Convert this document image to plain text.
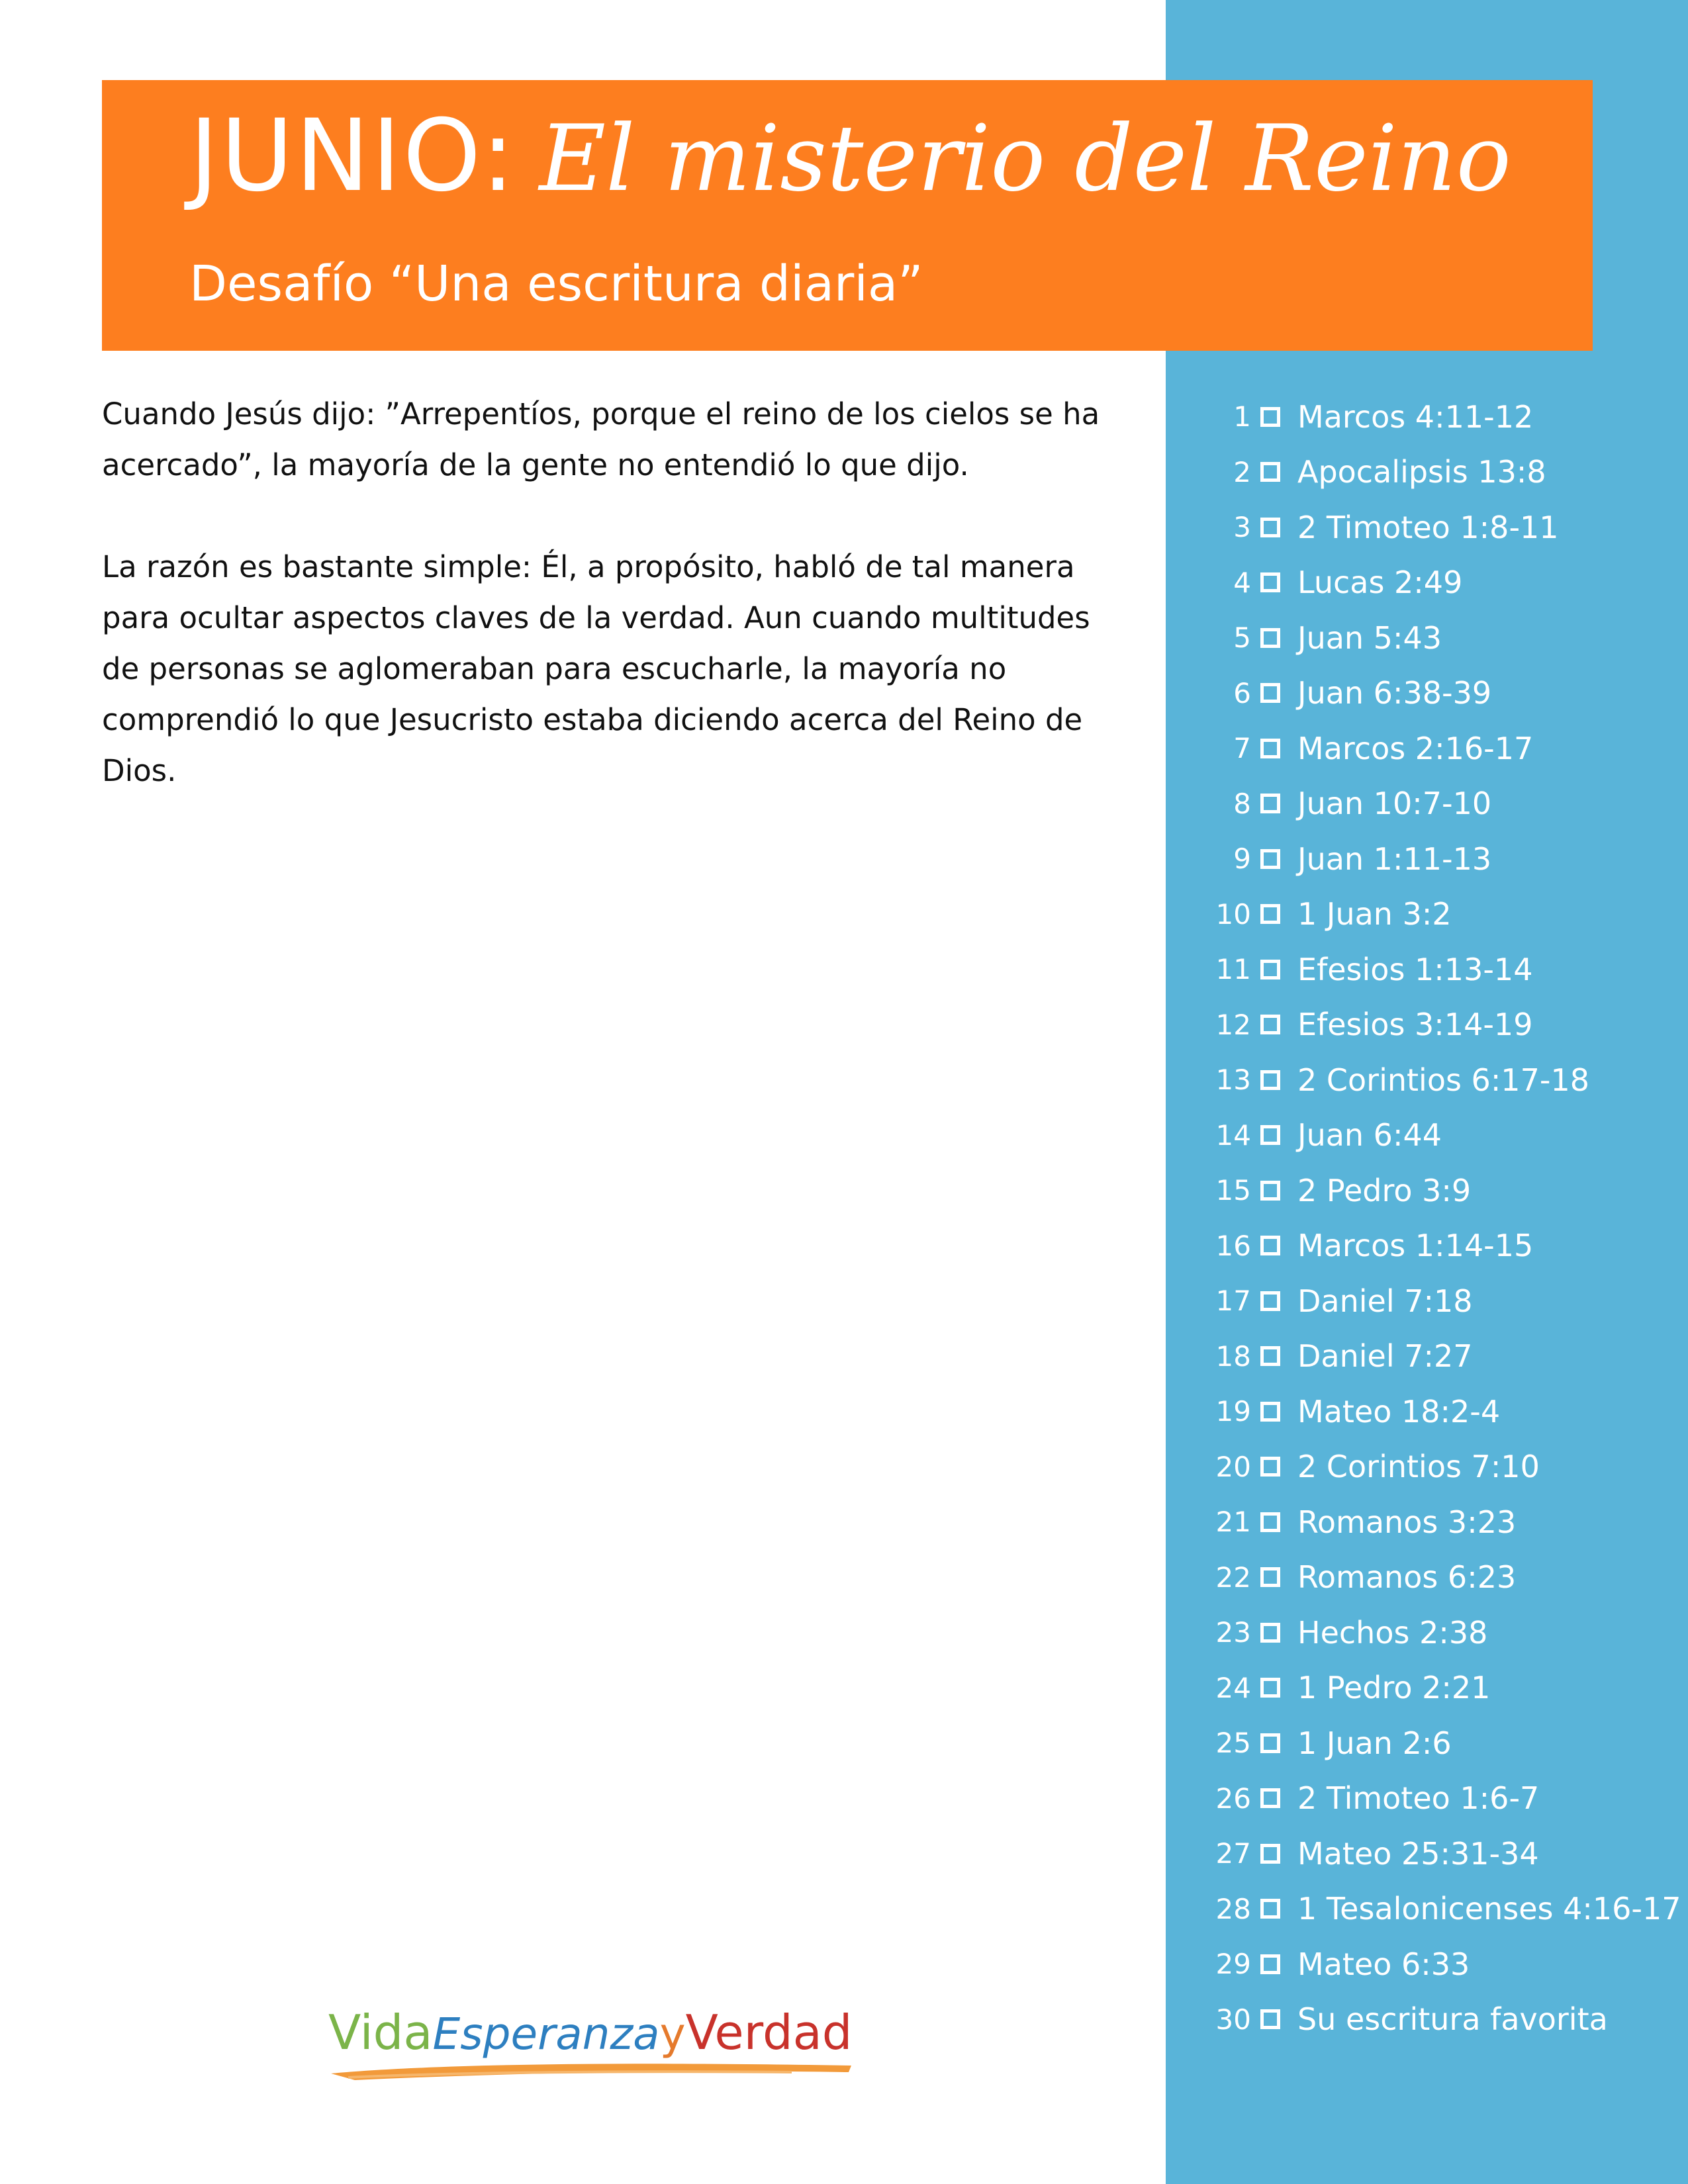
JUNIO: El misterio del Reino
Desafío “Una escritura diaria”

Cuando Jesús dijo: ”Arrepentíos, porque el reino de los cielos se ha acercado”, la mayoría de la gente no entendió lo que dijo.

La razón es bastante simple: Él, a propósito, habló de tal manera para ocultar aspectos claves de la verdad. Aun cuando multitudes de personas se aglomeraban para escucharle, la mayoría no comprendió lo que Jesucristo estaba diciendo acerca del Reino de Dios.

1 Marcos 4:11-12
2 Apocalipsis 13:8
3 2 Timoteo 1:8-11
4 Lucas 2:49
5 Juan 5:43
6 Juan 6:38-39
7 Marcos 2:16-17
8 Juan 10:7-10
9 Juan 1:11-13
10 1 Juan 3:2
11 Efesios 1:13-14
12 Efesios 3:14-19
13 2 Corintios 6:17-18
14 Juan 6:44
15 2 Pedro 3:9
16 Marcos 1:14-15
17 Daniel 7:18
18 Daniel 7:27
19 Mateo 18:2-4
20 2 Corintios 7:10
21 Romanos 3:23
22 Romanos 6:23
23 Hechos 2:38
24 1 Pedro 2:21
25 1 Juan 2:6
26 2 Timoteo 1:6-7
27 Mateo 25:31-34
28 1 Tesalonicenses 4:16-17
29 Mateo 6:33
30 Su escritura favorita
VidaEsperanzayVerdad
